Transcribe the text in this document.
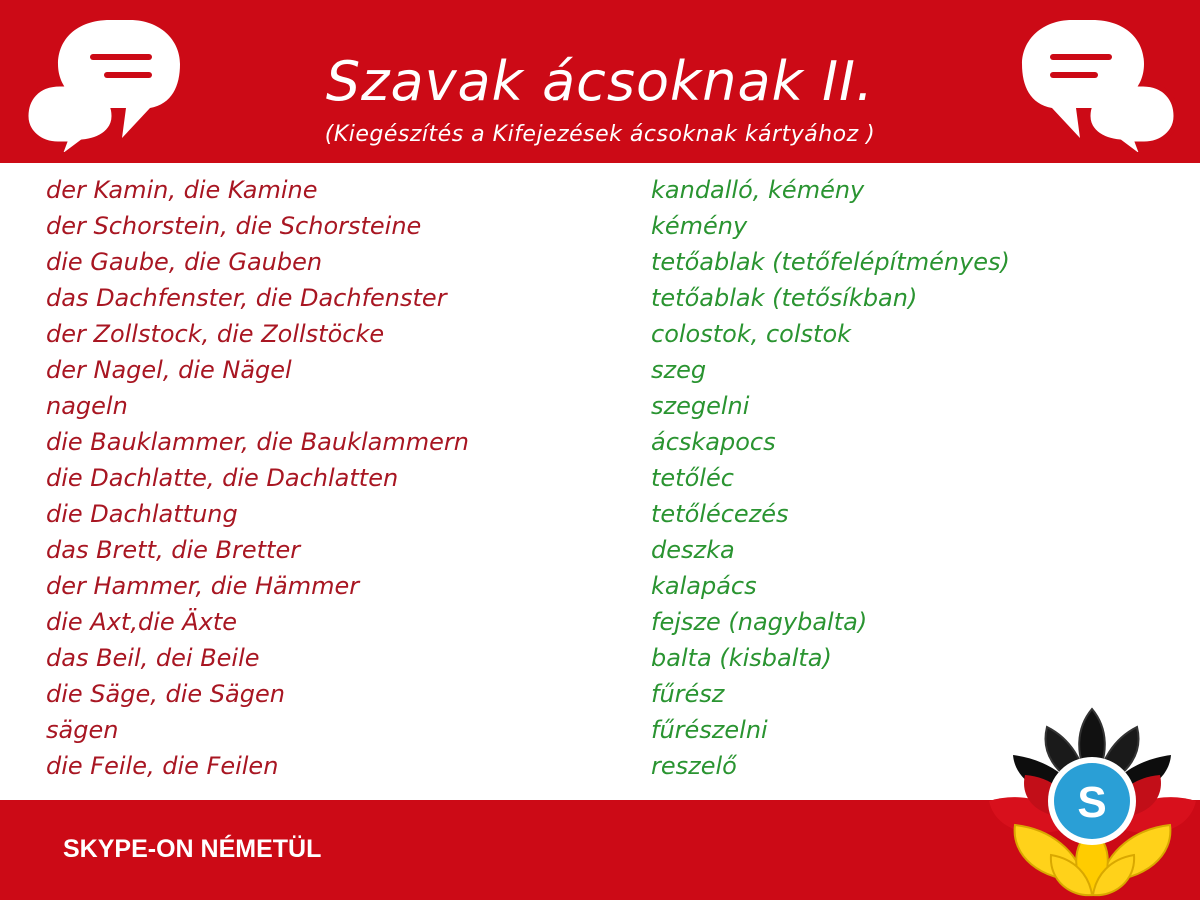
Szavak ácsoknak II.
(Kiegészítés a Kifejezések ácsoknak kártyához )
der Kamin, die Kamine
der Schorstein, die Schorsteine
die Gaube, die Gauben
das Dachfenster, die Dachfenster
der Zollstock, die Zollstöcke
der Nagel, die Nägel
nageln
die Bauklammer, die Bauklammern
die Dachlatte, die Dachlatten
die Dachlattung
das Brett, die Bretter
der Hammer, die Hämmer
die Axt,die Äxte
das Beil, dei Beile
die Säge, die Sägen
sägen
die Feile, die Feilen
kandalló, kémény
kémény
tetőablak (tetőfelépítményes)
tetőablak (tetősíkban)
colostok, colstok
szeg
szegelni
ácskapocs
tetőléc
tetőlécezés
deszka
kalapács
fejsze (nagybalta)
balta (kisbalta)
fűrész
fűrészelni
reszelő
SKYPE-ON NÉMETÜL
S
